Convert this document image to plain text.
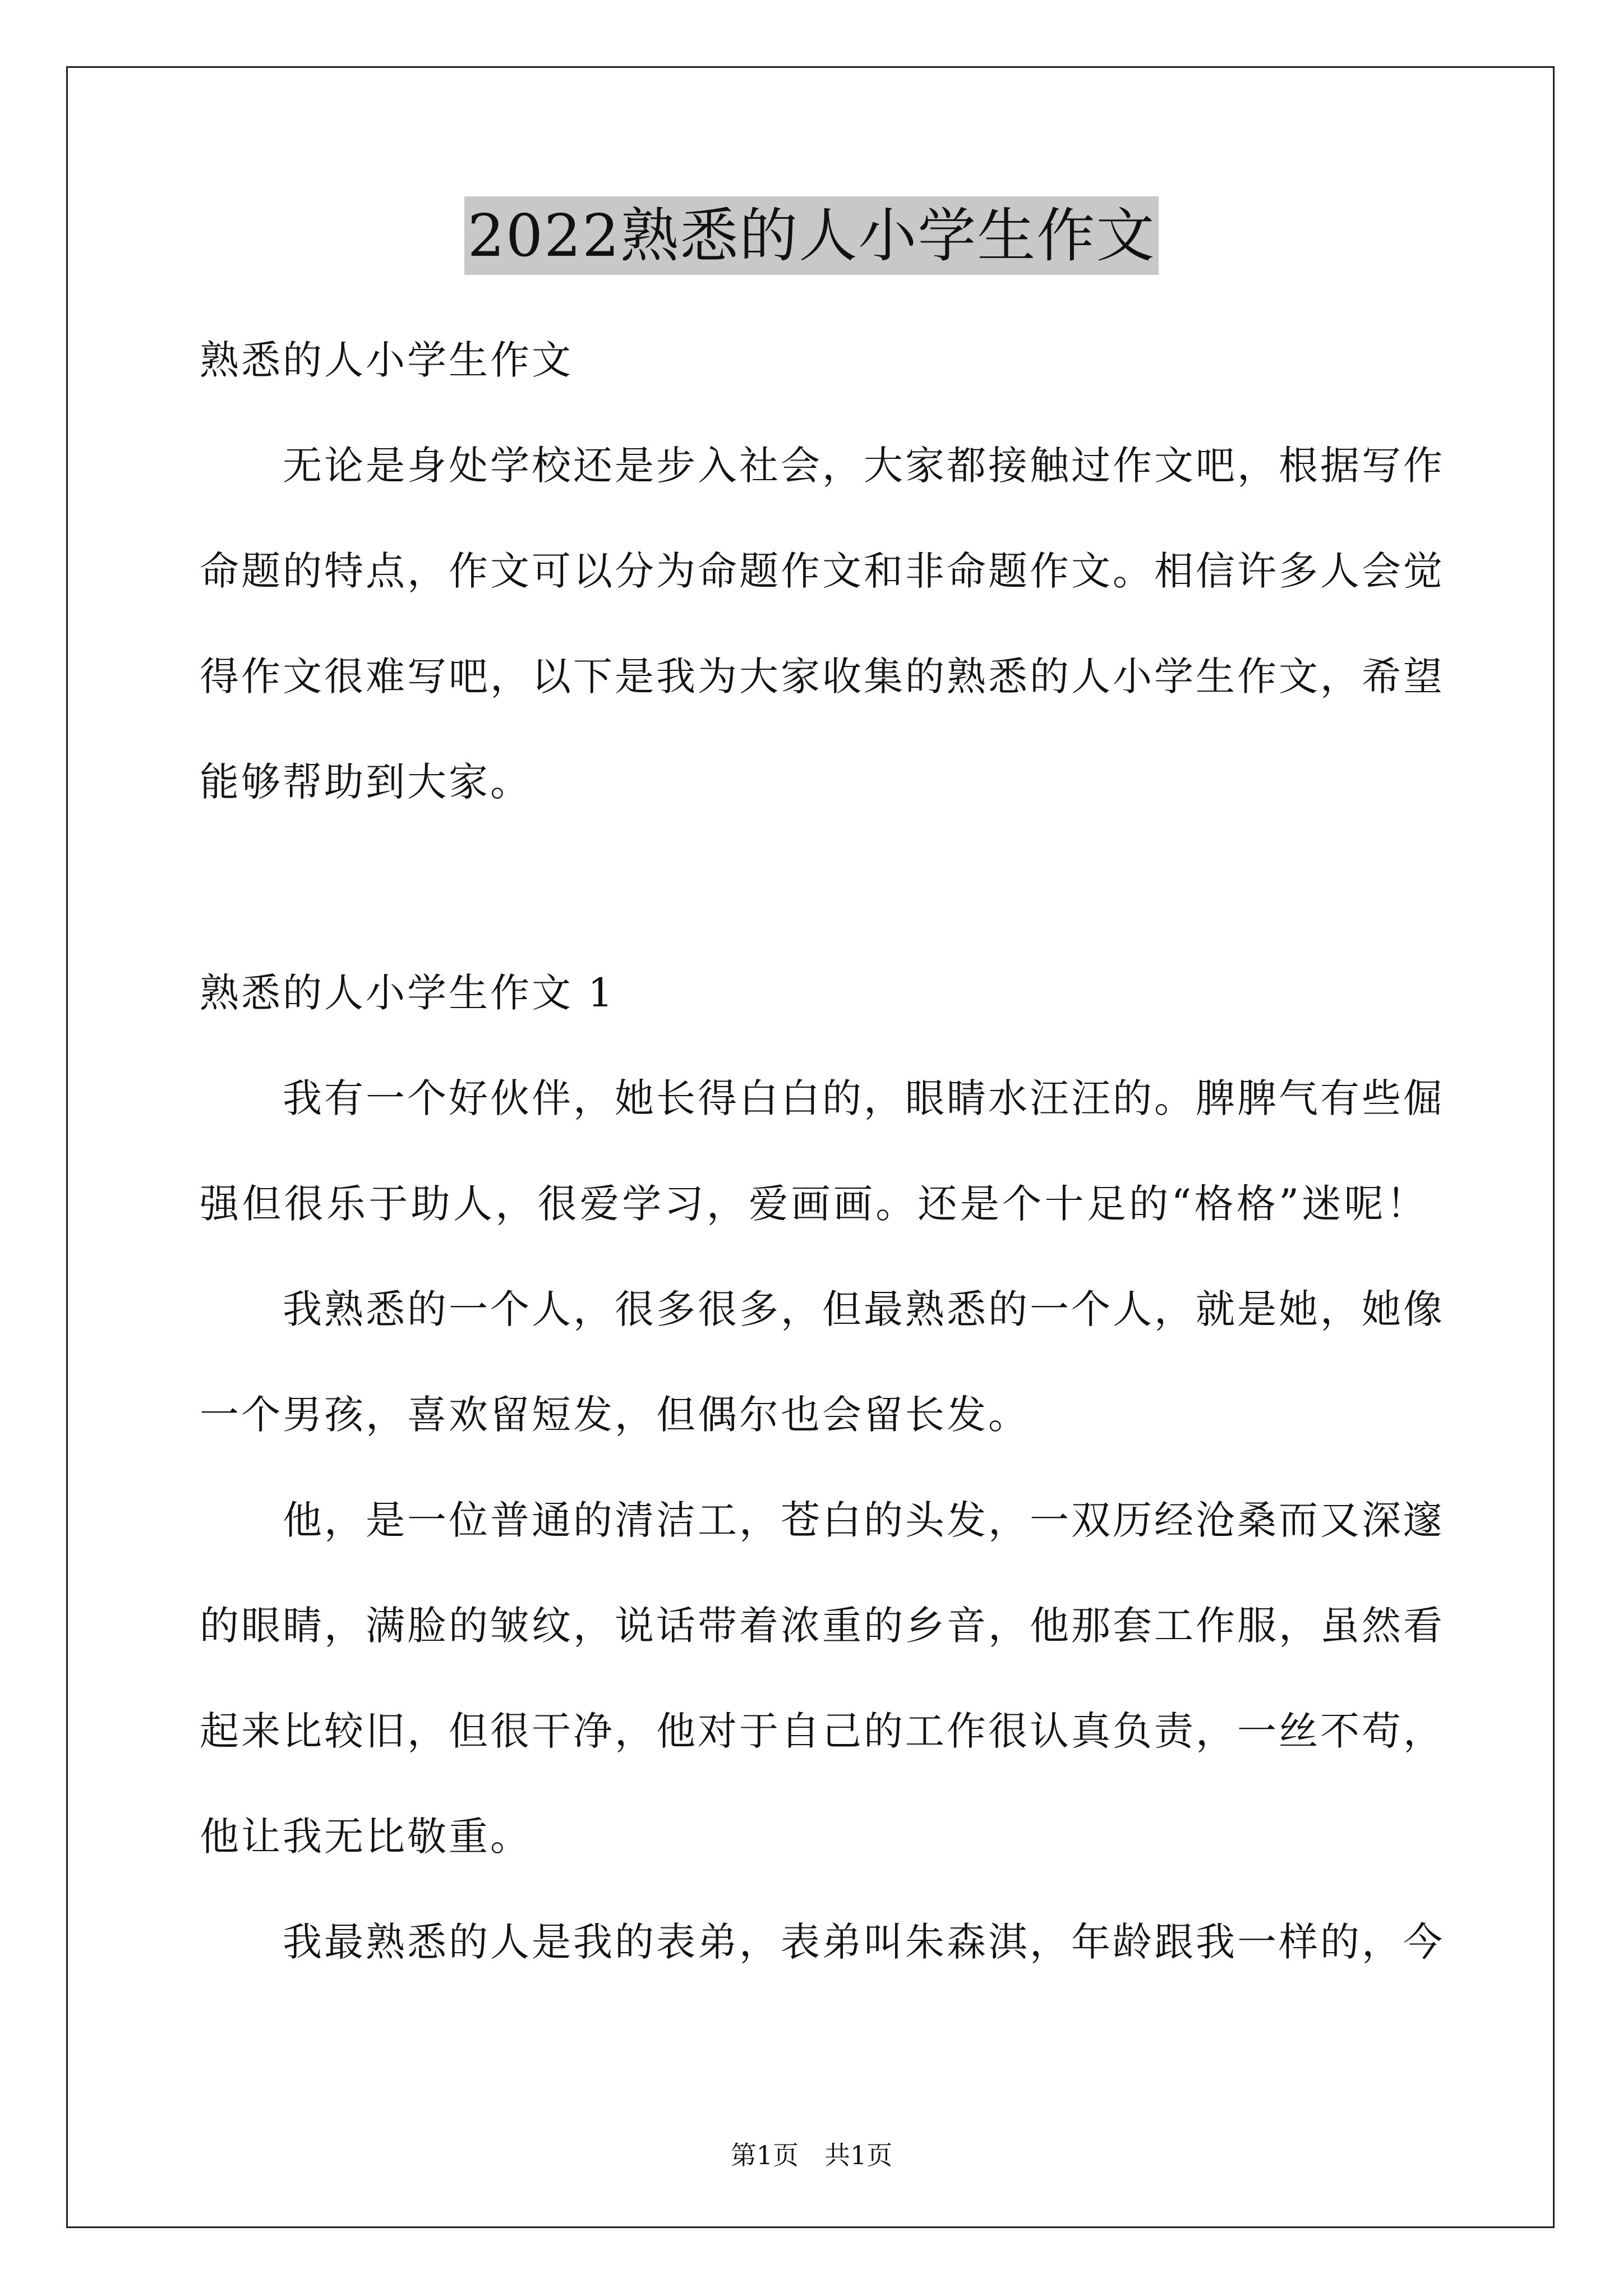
2022熟悉的人小学生作文
熟悉的人小学生作文
无论是身处学校还是步入社会，大家都接触过作文吧，根据写作
命题的特点，作文可以分为命题作文和非命题作文。相信许多人会觉
得作文很难写吧，以下是我为大家收集的熟悉的人小学生作文，希望
能够帮助到大家。
熟悉的人小学生作文 1
我有一个好伙伴，她长得白白的，眼睛水汪汪的。脾脾气有些倔
强但很乐于助人，很爱学习，爱画画。还是个十足的“格格”迷呢！
我熟悉的一个人，很多很多，但最熟悉的一个人，就是她，她像
一个男孩，喜欢留短发，但偶尔也会留长发。
他，是一位普通的清洁工，苍白的头发，一双历经沧桑而又深邃
的眼睛，满脸的皱纹，说话带着浓重的乡音，他那套工作服，虽然看
起来比较旧，但很干净，他对于自己的工作很认真负责，一丝不苟，
他让我无比敬重。
我最熟悉的人是我的表弟，表弟叫朱森淇，年龄跟我一样的，今
第1页　共1页
